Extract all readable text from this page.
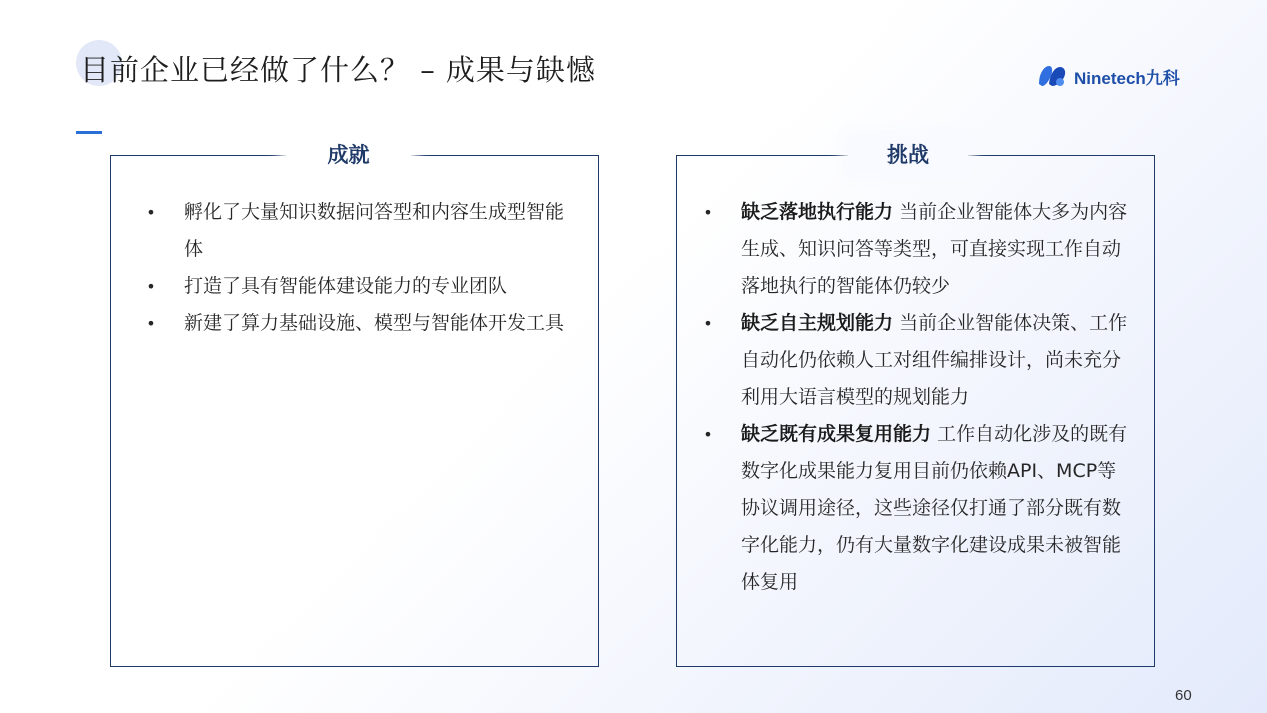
目前企业已经做了什么？ – 成果与缺憾	Ninetech九科
成就
• 孵化了大量知识数据问答型和内容生成型智能体
• 打造了具有智能体建设能力的专业团队
• 新建了算力基础设施、模型与智能体开发工具
挑战
• 缺乏落地执行能力 当前企业智能体大多为内容生成、知识问答等类型，可直接实现工作自动落地执行的智能体仍较少
• 缺乏自主规划能力 当前企业智能体决策、工作自动化仍依赖人工对组件编排设计，尚未充分利用大语言模型的规划能力
• 缺乏既有成果复用能力 工作自动化涉及的既有数字化成果能力复用目前仍依赖API、MCP等协议调用途径，这些途径仅打通了部分既有数字化能力，仍有大量数字化建设成果未被智能体复用
60
